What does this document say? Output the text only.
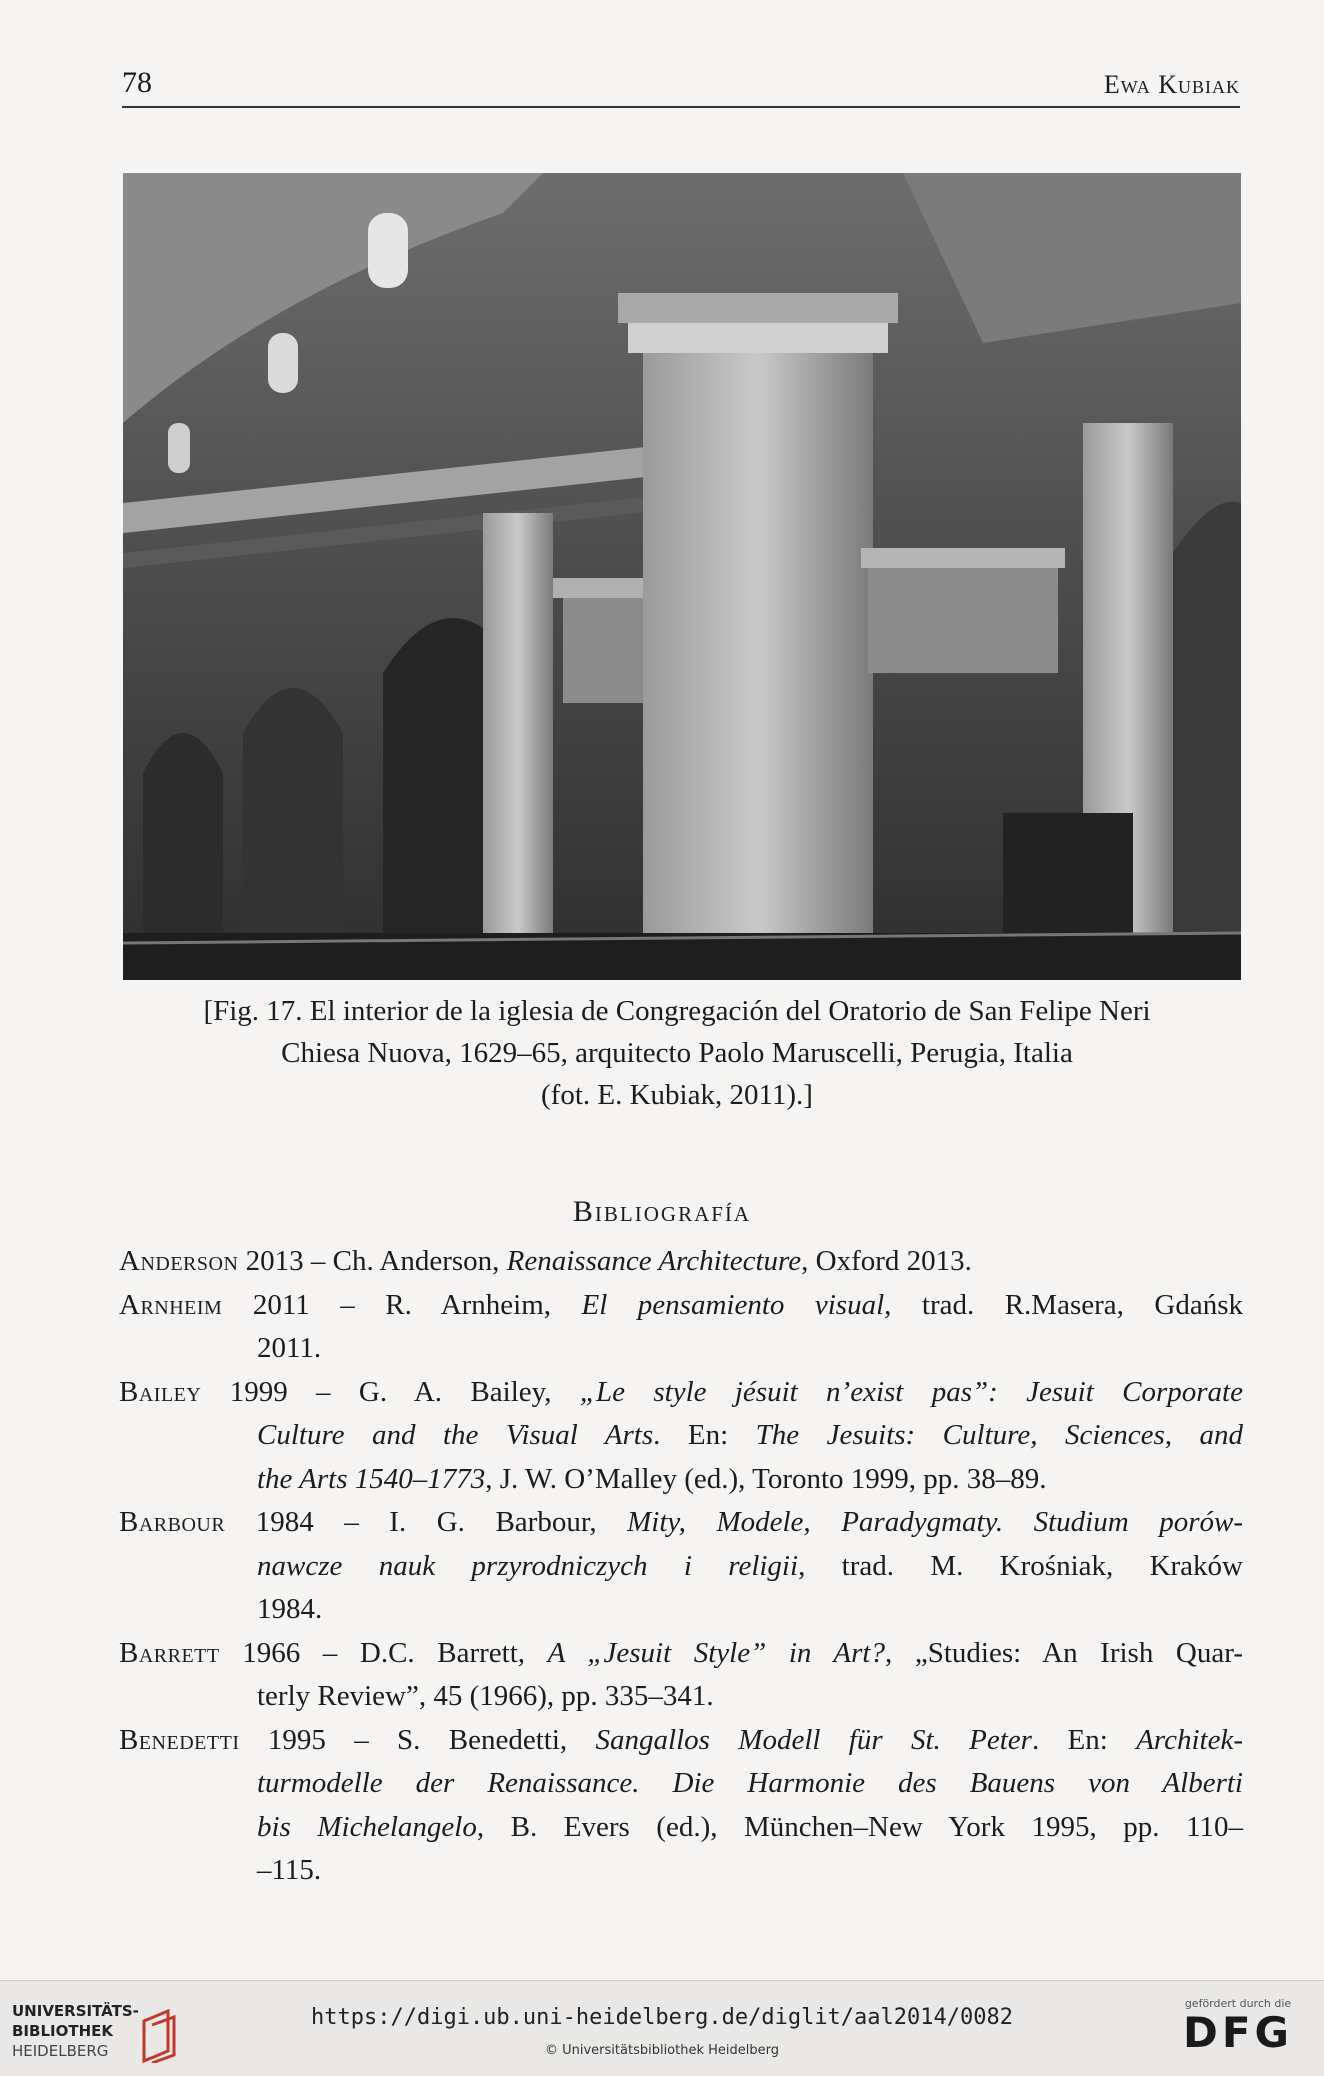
78	Ewa Kubiak
[Fig. 17. El interior de la iglesia de Congregación del Oratorio de San Felipe Neri
Chiesa Nuova, 1629–65, arquitecto Paolo Maruscelli, Perugia, Italia
(fot. E. Kubiak, 2011).]
Bibliografía
Anderson 2013 – Ch. Anderson, Renaissance Architecture, Oxford 2013.
Arnheim 2011 – R. Arnheim, El pensamiento visual, trad. R.Masera, Gdańsk
2011.
Bailey 1999 – G. A. Bailey, „Le style jésuit n’exist pas”: Jesuit Corporate
Culture and the Visual Arts. En: The Jesuits: Culture, Sciences, and
the Arts 1540–1773, J. W. O’Malley (ed.), Toronto 1999, pp. 38–89.
Barbour 1984 – I. G. Barbour, Mity, Modele, Paradygmaty. Studium porów-
nawcze nauk przyrodniczych i religii, trad. M. Krośniak, Kraków
1984.
Barrett 1966 – D.C. Barrett, A „Jesuit Style” in Art?, „Studies: An Irish Quar-
terly Review”, 45 (1966), pp. 335–341.
Benedetti 1995 – S. Benedetti, Sangallos Modell für St. Peter. En: Architek-
turmodelle der Renaissance. Die Harmonie des Bauens von Alberti
bis Michelangelo, B. Evers (ed.), München–New York 1995, pp. 110–
–115.
UNIVERSITÄTS-
BIBLIOTHEK
HEIDELBERG
https://digi.ub.uni-heidelberg.de/diglit/aal2014/0082
© Universitätsbibliothek Heidelberg
gefördert durch die
DFG
